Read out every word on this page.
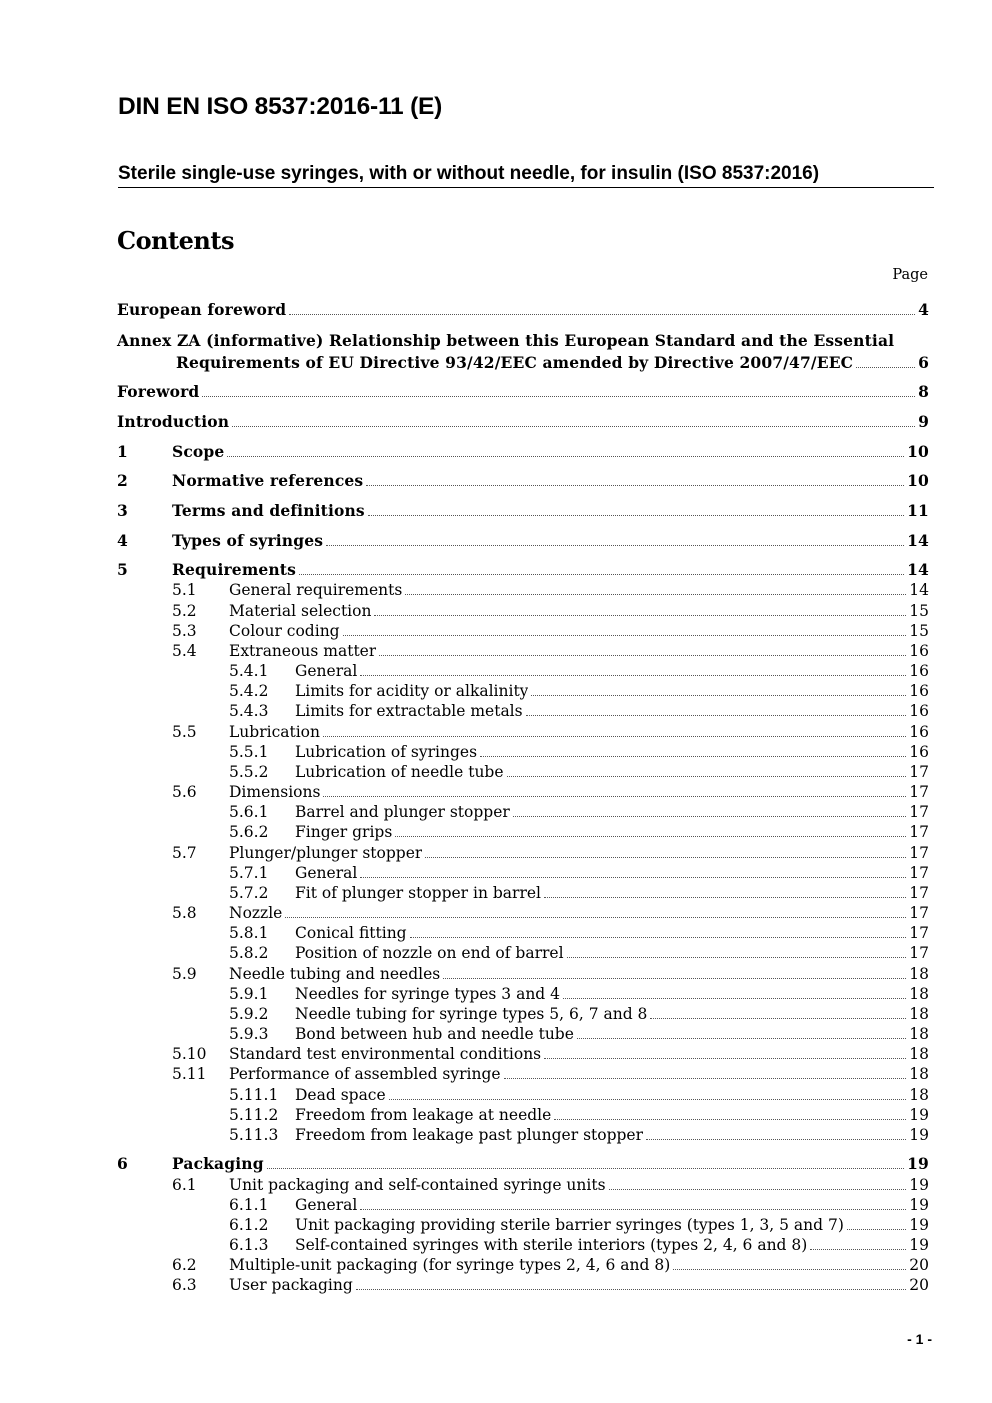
DIN EN ISO 8537:2016-11 (E)
Sterile single-use syringes, with or without needle, for insulin (ISO 8537:2016)
Contents
Page
European foreword	4
Annex ZA (informative) Relationship between this European Standard and the Essential
Requirements of EU Directive 93/42/EEC amended by Directive 2007/47/EEC	6
Foreword	8
Introduction	9
1	Scope	10
2	Normative references	10
3	Terms and definitions	11
4	Types of syringes	14
5	Requirements	14
5.1	General requirements	14
5.2	Material selection	15
5.3	Colour coding	15
5.4	Extraneous matter	16
5.4.1	General	16
5.4.2	Limits for acidity or alkalinity	16
5.4.3	Limits for extractable metals	16
5.5	Lubrication	16
5.5.1	Lubrication of syringes	16
5.5.2	Lubrication of needle tube	17
5.6	Dimensions	17
5.6.1	Barrel and plunger stopper	17
5.6.2	Finger grips	17
5.7	Plunger/plunger stopper	17
5.7.1	General	17
5.7.2	Fit of plunger stopper in barrel	17
5.8	Nozzle	17
5.8.1	Conical fitting	17
5.8.2	Position of nozzle on end of barrel	17
5.9	Needle tubing and needles	18
5.9.1	Needles for syringe types 3 and 4	18
5.9.2	Needle tubing for syringe types 5, 6, 7 and 8	18
5.9.3	Bond between hub and needle tube	18
5.10	Standard test environmental conditions	18
5.11	Performance of assembled syringe	18
5.11.1	Dead space	18
5.11.2	Freedom from leakage at needle	19
5.11.3	Freedom from leakage past plunger stopper	19
6	Packaging	19
6.1	Unit packaging and self-contained syringe units	19
6.1.1	General	19
6.1.2	Unit packaging providing sterile barrier syringes (types 1, 3, 5 and 7)	19
6.1.3	Self-contained syringes with sterile interiors (types 2, 4, 6 and 8)	19
6.2	Multiple-unit packaging (for syringe types 2, 4, 6 and 8)	20
6.3	User packaging	20
- 1 -
